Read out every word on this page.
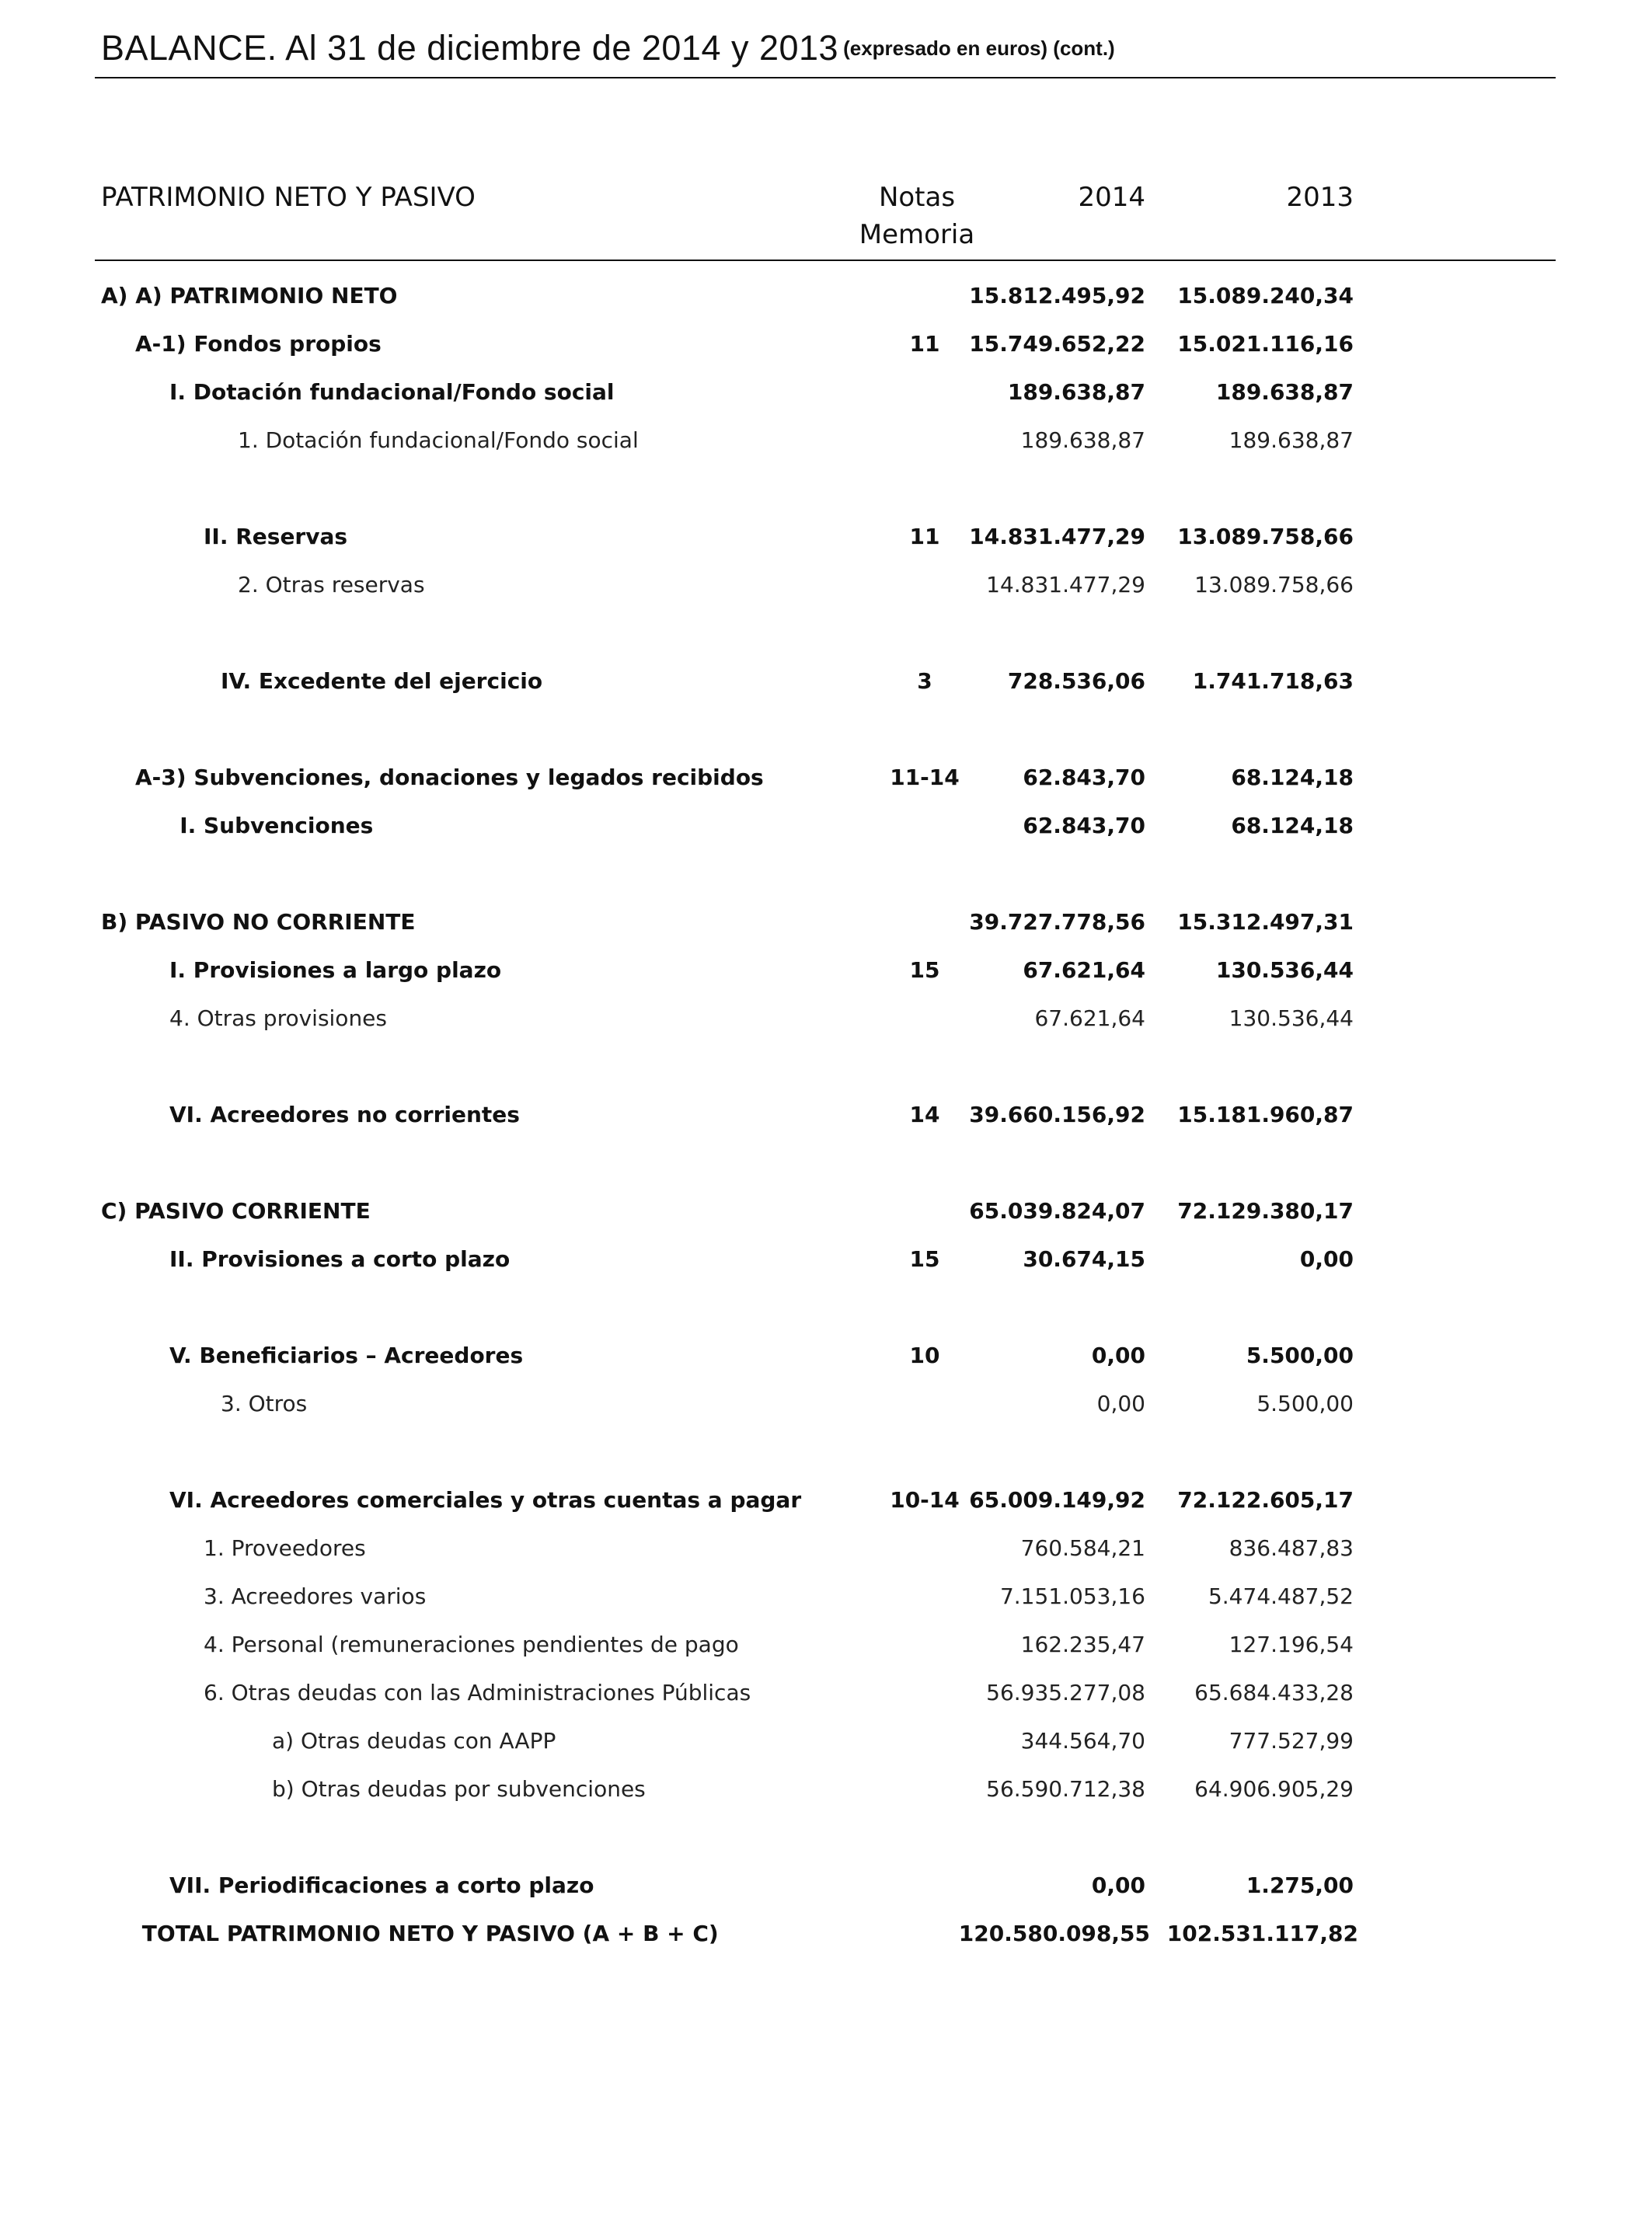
BALANCE. Al 31 de diciembre de 2014 y 2013 (expresado en euros) (cont.)
PATRIMONIO NETO Y PASIVO	Notas Memoria
2014	2013
A) A) PATRIMONIO NETO	15.812.495,92	15.089.240,34
A-1) Fondos propios	11	15.749.652,22	15.021.116,16
I. Dotación fundacional/Fondo social	189.638,87	189.638,87
1. Dotación fundacional/Fondo social	189.638,87	189.638,87
II. Reservas	11	14.831.477,29	13.089.758,66
2. Otras reservas	14.831.477,29	13.089.758,66
IV. Excedente del ejercicio	3	728.536,06	1.741.718,63
A-3) Subvenciones, donaciones y legados recibidos	11-14	62.843,70	68.124,18
I. Subvenciones	62.843,70	68.124,18
B) PASIVO NO CORRIENTE	39.727.778,56	15.312.497,31
I. Provisiones a largo plazo	15	67.621,64	130.536,44
4. Otras provisiones	67.621,64	130.536,44
VI. Acreedores no corrientes	14	39.660.156,92	15.181.960,87
C) PASIVO CORRIENTE	65.039.824,07	72.129.380,17
II. Provisiones a corto plazo	15	30.674,15	0,00
V. Beneficiarios – Acreedores	10	0,00	5.500,00
3. Otros	0,00	5.500,00
VI. Acreedores comerciales y otras cuentas a pagar	10-14 65.009.149,92	72.122.605,17
1. Proveedores	760.584,21	836.487,83
3. Acreedores varios	7.151.053,16	5.474.487,52
4. Personal (remuneraciones pendientes de pago	162.235,47	127.196,54
6. Otras deudas con las Administraciones Públicas	56.935.277,08	65.684.433,28
a) Otras deudas con AAPP	344.564,70	777.527,99
b) Otras deudas por subvenciones	56.590.712,38	64.906.905,29
VII. Periodificaciones a corto plazo	0,00	1.275,00
TOTAL PATRIMONIO NETO Y PASIVO (A + B + C)	120.580.098,55 102.531.117,82
